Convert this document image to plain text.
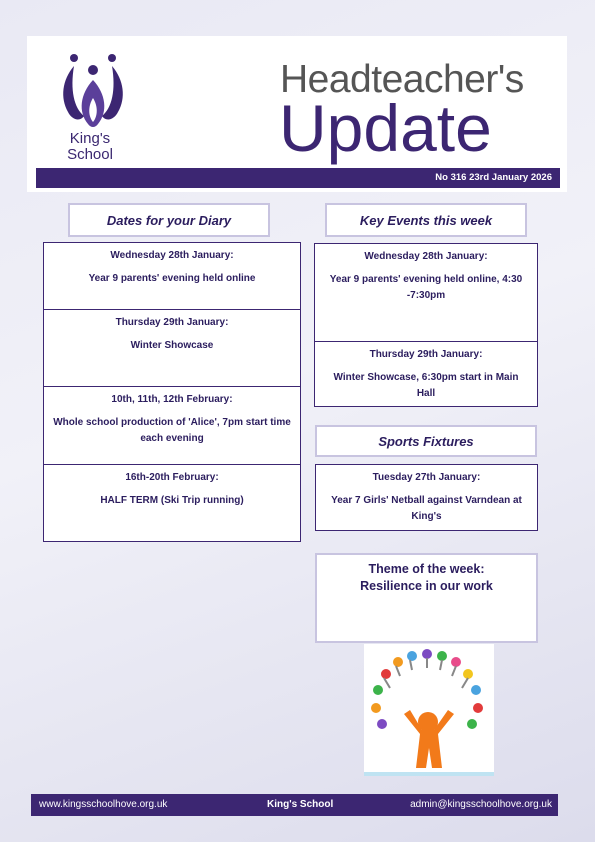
King's
School
Headteacher's
Update
No 316 23rd January 2026
Dates for your Diary
Wednesday 28th January:
Year 9 parents' evening held online
Thursday 29th January:
Winter Showcase
10th, 11th, 12th February:
Whole school production of 'Alice', 7pm start time each evening
16th-20th February:
HALF TERM (Ski Trip running)
Key Events this week
Wednesday 28th January:
Year 9 parents' evening held online, 4:30 -7:30pm
Thursday 29th January:
Winter Showcase, 6:30pm start in Main Hall
Sports Fixtures
Tuesday 27th January:
Year 7 Girls' Netball against Varndean at King's
Theme of the week:
Resilience in our work
www.kingsschoolhove.org.uk	King's School	admin@kingsschoolhove.org.uk
